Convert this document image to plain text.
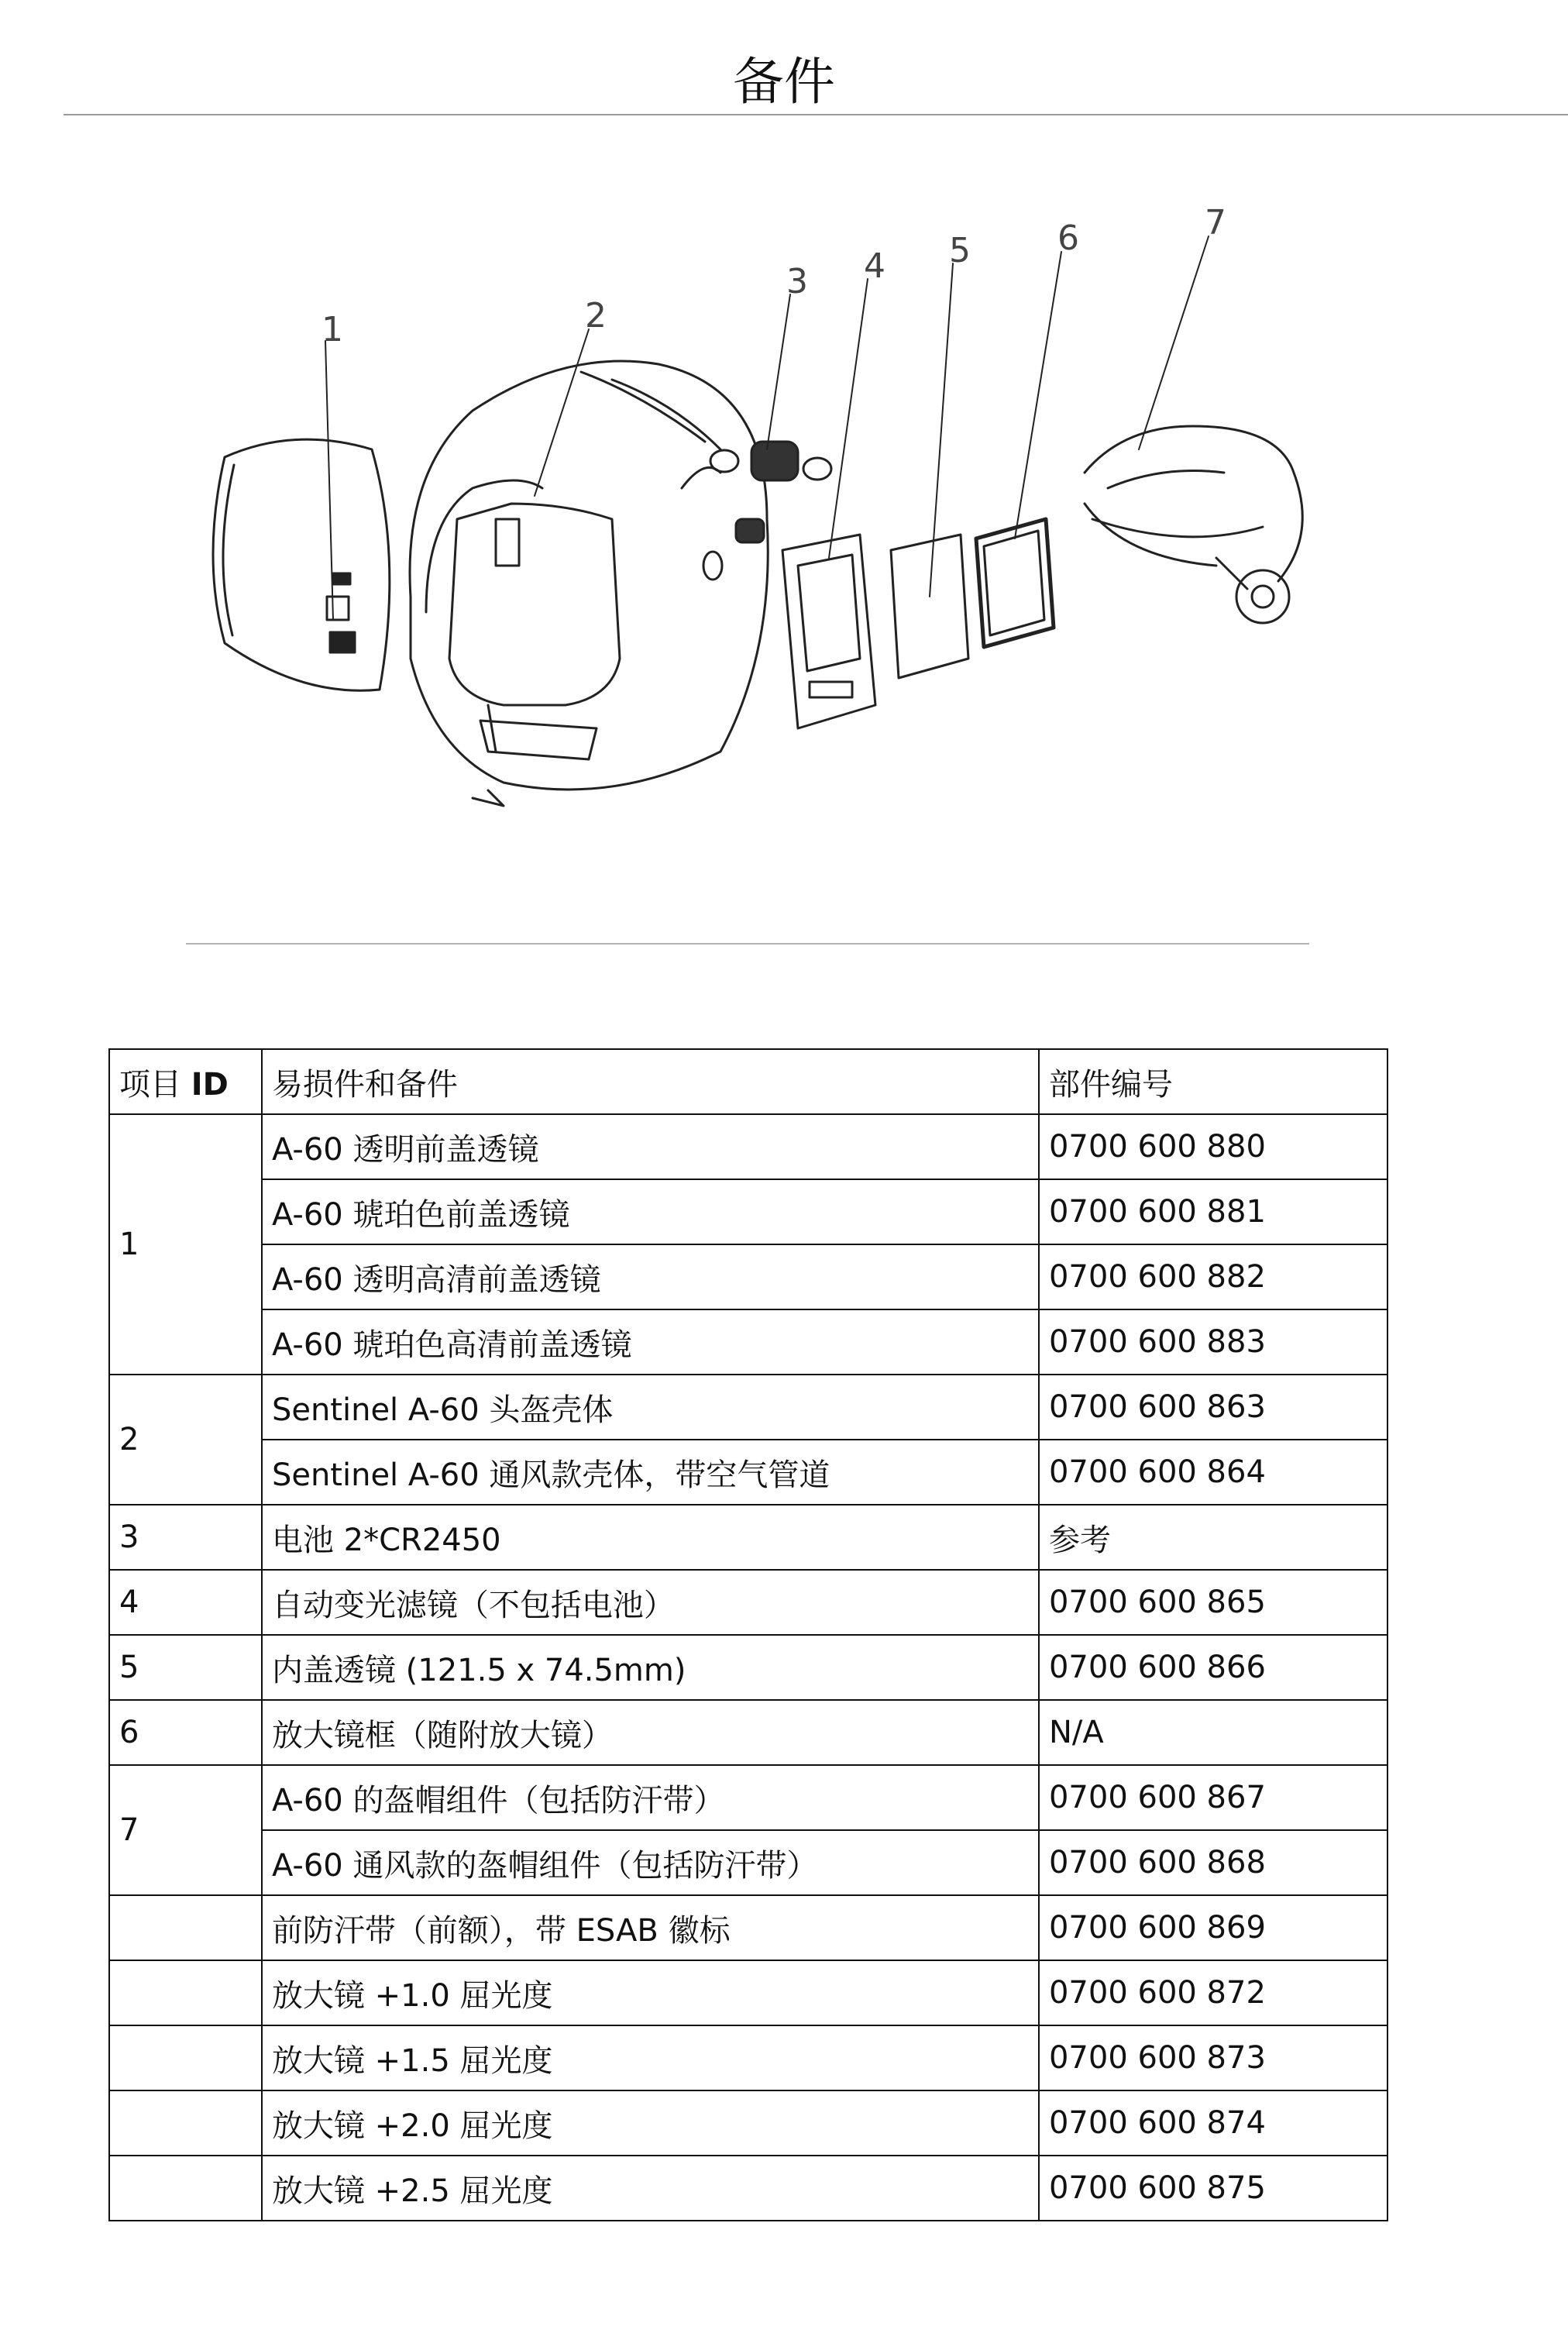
备件
1	2
3 4 5	6	7
项目 ID	易损件和备件	部件编号
1	A-60 透明前盖透镜	0700 600 880
	A-60 琥珀色前盖透镜	0700 600 881
	A-60 透明高清前盖透镜	0700 600 882
	A-60 琥珀色高清前盖透镜	0700 600 883
2	Sentinel A-60 头盔壳体	0700 600 863
	Sentinel A-60 通风款壳体，带空气管道	0700 600 864
3	电池 2*CR2450	参考
4	自动变光滤镜（不包括电池）	0700 600 865
5	内盖透镜 (121.5 x 74.5mm)	0700 600 866
6	放大镜框（随附放大镜）	N/A
7	A-60 的盔帽组件（包括防汗带）	0700 600 867
	A-60 通风款的盔帽组件（包括防汗带）	0700 600 868
	前防汗带（前额），带 ESAB 徽标	0700 600 869
	放大镜 +1.0 屈光度	0700 600 872
	放大镜 +1.5 屈光度	0700 600 873
	放大镜 +2.0 屈光度	0700 600 874
	放大镜 +2.5 屈光度	0700 600 875
